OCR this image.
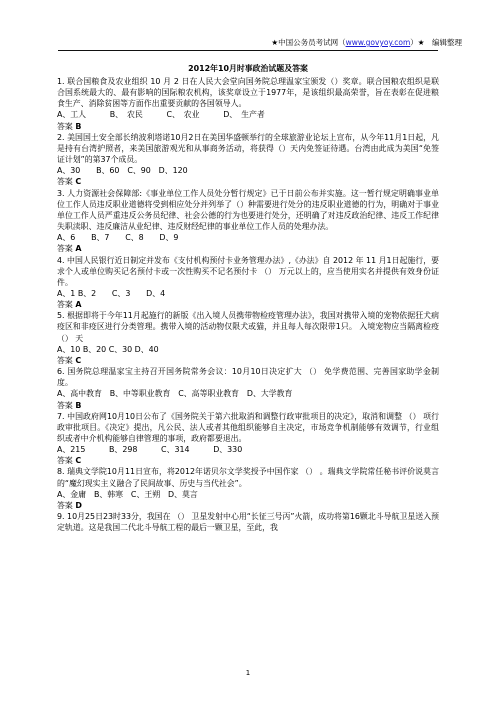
★中国公务员考试网（www.govyoy.com）★　编辑整理
2012年10月时事政治试题及答案

1. 联合国粮食及农业组织 10 月 2 日在人民大会堂向国务院总理温家宝颁发（）奖章。联合国粮农组织是联合国系统最大的、最有影响的国际粮农机构，该奖章设立于1977年，是该组织最高荣誉，旨在表彰在促进粮食生产、消除贫困等方面作出重要贡献的各国领导人。

A、工人　　　B、　农民　　　C、　农业　　　D、　生产者

答案 B

2. 美国国土安全部长纳波利塔诺10月2日在美国华盛顿举行的全球旅游业论坛上宣布，从今年11月1日起，凡是持有台湾护照者，来美国旅游观光和从事商务活动，将获得（）天内免签证待遇。台湾由此成为美国“免签证计划”的第37个成员。

A、30　　B、60　C、90　D、120

答案 C

3. 人力资源社会保障部:《事业单位工作人员处分暂行规定》已于日前公布并实施。这一暂行规定明确事业单位工作人员违反职业道德将受到相应处分并列举了（）种需要进行处分的违反职业道德的行为，明确对于事业单位工作人员严重违反公务员纪律、社会公德的行为也要进行处分，还明确了对违反政治纪律、违反工作纪律失职渎职、违反廉洁从业纪律、违反财经纪律的事业单位工作人员的处理办法。

A、6　　B、7　　C、8　　D、9

答案 A

4. 中国人民银行近日制定并发布《支付机构预付卡业务管理办法》,《办法》自 2012 年 11 月1日起施行，要求个人或单位购买记名预付卡或一次性购买不记名预付卡 （） 万元以上的，应当使用实名并提供有效身份证件。

A、1 B、2　　C、3　　D、4

答案 A

5. 根据即将于今年11月起施行的新版《出入境人员携带物检疫管理办法》，我国对携带入境的宠物依据狂犬病疫区和非疫区进行分类管理。携带入境的活动物仅限犬或猫，并且每人每次限带1只。 入境宠物应当隔离检疫 （） 天

A、10 B、20 C、30 D、40

答案 C

6. 国务院总理温家宝主持召开国务院常务会议：10月10日决定扩大 （） 免学费范围、完善国家助学金制度。

A、高中教育　B、中等职业教育　C、高等职业教育　D、大学教育

答案 B

7. 中国政府网10月10日公布了《国务院关于第六批取消和调整行政审批项目的决定》，取消和调整 （） 项行政审批项目。《决定》提出，凡公民、法人或者其他组织能够自主决定，市场竞争机制能够有效调节，行业组织或者中介机构能够自律管理的事项，政府都要退出。

A、215　　　B、298　　　C、314　　　D、330

答案 C

8. 瑞典文学院10月11日宣布，将2012年诺贝尔文学奖授予中国作家 （） 。瑞典文学院常任秘书评价说莫言的“魔幻现实主义融合了民间故事、历史与当代社会”。

A、金庸　B、韩寒　C、王朔　D、莫言

答案 D

9. 10月25日23时33分，我国在 （） 卫星发射中心用“长征三号丙”火箭，成功将第16颗北斗导航卫星送入预定轨道。这是我国二代北斗导航工程的最后一颗卫星，至此，我

1
